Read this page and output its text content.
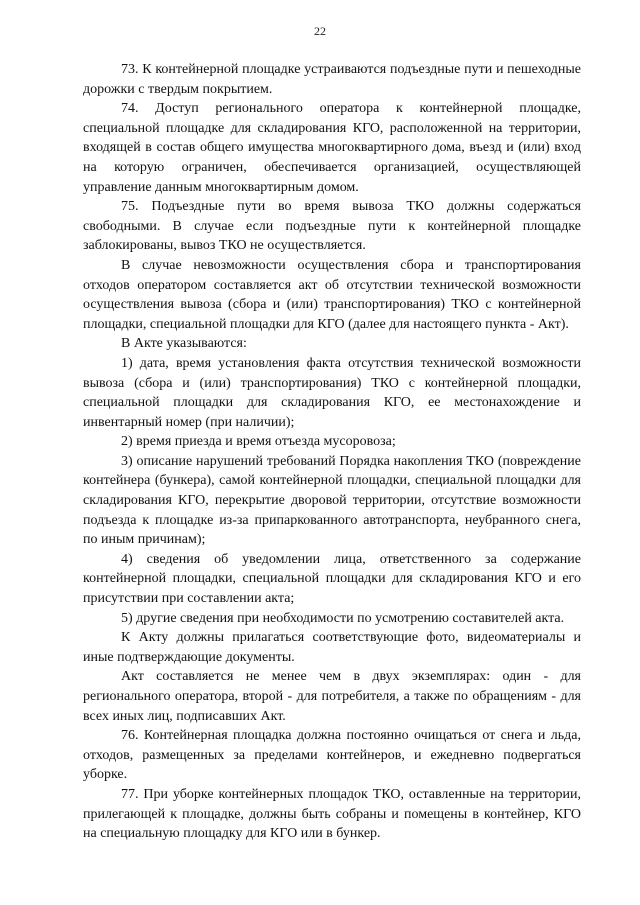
22

73. К контейнерной площадке устраиваются подъездные пути и пешеходные дорожки с твердым покрытием.

74. Доступ регионального оператора к контейнерной площадке, специальной площадке для складирования КГО, расположенной на территории, входящей в состав общего имущества многоквартирного дома, въезд и (или) вход на которую ограничен, обеспечивается организацией, осуществляющей управление данным многоквартирным домом.

75. Подъездные пути во время вывоза ТКО должны содержаться свободными. В случае если подъездные пути к контейнерной площадке заблокированы, вывоз ТКО не осуществляется.

В случае невозможности осуществления сбора и транспортирования отходов оператором составляется акт об отсутствии технической возможности осуществления вывоза (сбора и (или) транспортирования) ТКО с контейнерной площадки, специальной площадки для КГО (далее для настоящего пункта - Акт).

В Акте указываются:

1) дата, время установления факта отсутствия технической возможности вывоза (сбора и (или) транспортирования) ТКО с контейнерной площадки, специальной площадки для складирования КГО, ее местонахождение и инвентарный номер (при наличии);

2) время приезда и время отъезда мусоровоза;

3) описание нарушений требований Порядка накопления ТКО (повреждение контейнера (бункера), самой контейнерной площадки, специальной площадки для складирования КГО, перекрытие дворовой территории, отсутствие возможности подъезда к площадке из-за припаркованного автотранспорта, неубранного снега, по иным причинам);

4) сведения об уведомлении лица, ответственного за содержание контейнерной площадки, специальной площадки для складирования КГО и его присутствии при составлении акта;

5) другие сведения при необходимости по усмотрению составителей акта.

К Акту должны прилагаться соответствующие фото, видеоматериалы и иные подтверждающие документы.

Акт составляется не менее чем в двух экземплярах: один - для регионального оператора, второй - для потребителя, а также по обращениям - для всех иных лиц, подписавших Акт.

76. Контейнерная площадка должна постоянно очищаться от снега и льда, отходов, размещенных за пределами контейнеров, и ежедневно подвергаться уборке.

77. При уборке контейнерных площадок ТКО, оставленные на территории, прилегающей к площадке, должны быть собраны и помещены в контейнер, КГО на специальную площадку для КГО или в бункер.
